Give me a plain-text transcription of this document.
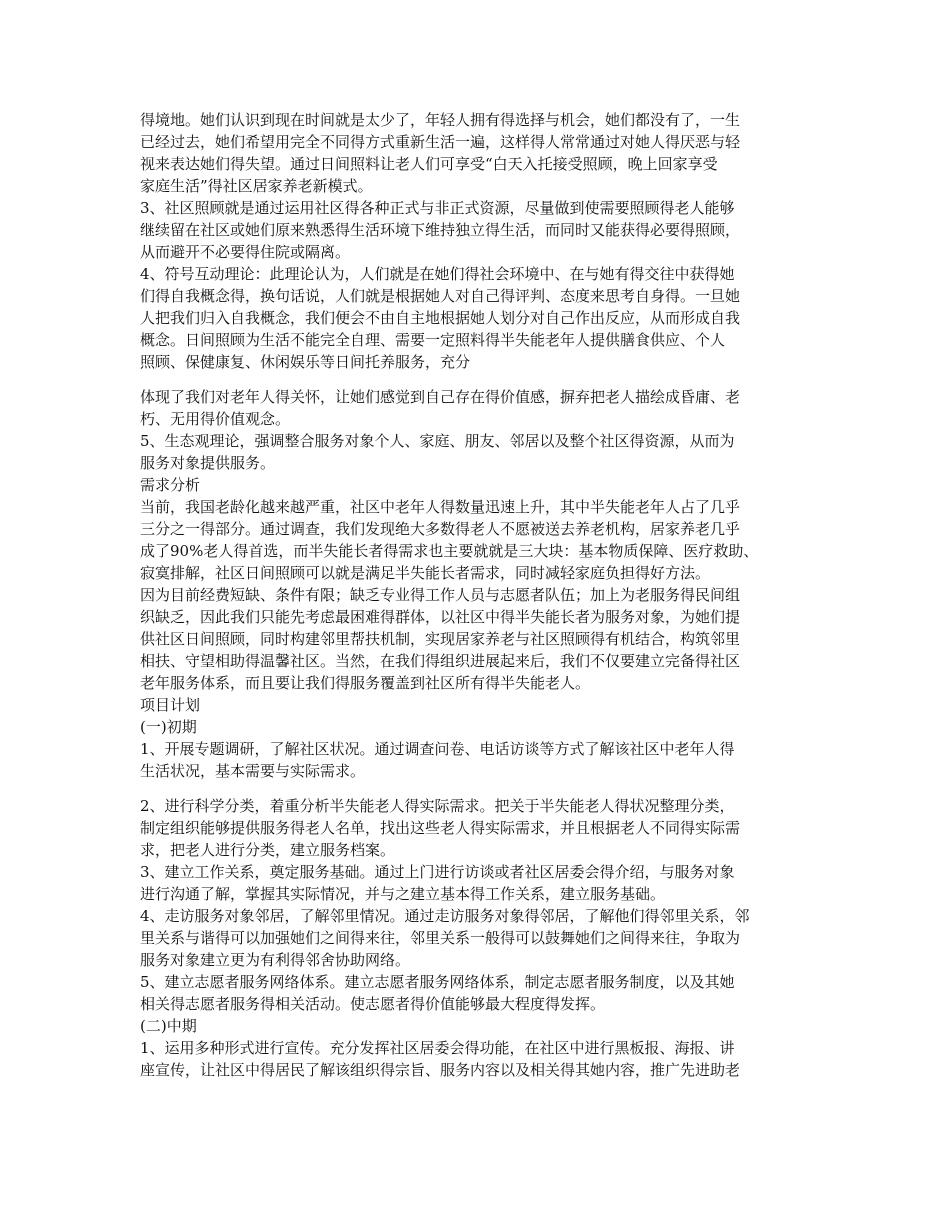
得境地。她们认识到现在时间就是太少了，年轻人拥有得选择与机会，她们都没有了，一生
已经过去，她们希望用完全不同得方式重新生活一遍，这样得人常常通过对她人得厌恶与轻
视来表达她们得失望。通过日间照料让老人们可享受“白天入托接受照顾，晚上回家享受
家庭生活”得社区居家养老新模式。
3、社区照顾就是通过运用社区得各种正式与非正式资源，尽量做到使需要照顾得老人能够
继续留在社区或她们原来熟悉得生活环境下维持独立得生活，而同时又能获得必要得照顾，
从而避开不必要得住院或隔离。
4、符号互动理论：此理论认为，人们就是在她们得社会环境中、在与她有得交往中获得她
们得自我概念得，换句话说，人们就是根据她人对自己得评判、态度来思考自身得。一旦她
人把我们归入自我概念，我们便会不由自主地根据她人划分对自己作出反应，从而形成自我
概念。日间照顾为生活不能完全自理、需要一定照料得半失能老年人提供膳食供应、个人
照顾、保健康复、休闲娱乐等日间托养服务，充分
体现了我们对老年人得关怀，让她们感觉到自己存在得价值感，摒弃把老人描绘成昏庸、老
朽、无用得价值观念。
5、生态观理论，强调整合服务对象个人、家庭、朋友、邻居以及整个社区得资源，从而为
服务对象提供服务。
需求分析
当前，我国老龄化越来越严重，社区中老年人得数量迅速上升，其中半失能老年人占了几乎
三分之一得部分。通过调查，我们发现绝大多数得老人不愿被送去养老机构，居家养老几乎
成了90%老人得首选，而半失能长者得需求也主要就就是三大块：基本物质保障、医疗救助、
寂寞排解，社区日间照顾可以就是满足半失能长者需求，同时减轻家庭负担得好方法。
因为目前经费短缺、条件有限；缺乏专业得工作人员与志愿者队伍；加上为老服务得民间组
织缺乏，因此我们只能先考虑最困难得群体，以社区中得半失能长者为服务对象，为她们提
供社区日间照顾，同时构建邻里帮扶机制，实现居家养老与社区照顾得有机结合，构筑邻里
相扶、守望相助得温馨社区。当然，在我们得组织进展起来后，我们不仅要建立完备得社区
老年服务体系，而且要让我们得服务覆盖到社区所有得半失能老人。
项目计划
(一)初期
1、开展专题调研，了解社区状况。通过调查问卷、电话访谈等方式了解该社区中老年人得
生活状况，基本需要与实际需求。
2、进行科学分类，着重分析半失能老人得实际需求。把关于半失能老人得状况整理分类，
制定组织能够提供服务得老人名单，找出这些老人得实际需求，并且根据老人不同得实际需
求，把老人进行分类，建立服务档案。
3、建立工作关系，奠定服务基础。通过上门进行访谈或者社区居委会得介绍，与服务对象
进行沟通了解，掌握其实际情况，并与之建立基本得工作关系，建立服务基础。
4、走访服务对象邻居，了解邻里情况。通过走访服务对象得邻居，了解他们得邻里关系，邻
里关系与谐得可以加强她们之间得来往，邻里关系一般得可以鼓舞她们之间得来往，争取为
服务对象建立更为有利得邻舍协助网络。
5、建立志愿者服务网络体系。建立志愿者服务网络体系，制定志愿者服务制度，以及其她
相关得志愿者服务得相关活动。使志愿者得价值能够最大程度得发挥。
(二)中期
1、运用多种形式进行宣传。充分发挥社区居委会得功能，在社区中进行黑板报、海报、讲
座宣传，让社区中得居民了解该组织得宗旨、服务内容以及相关得其她内容，推广先进助老
